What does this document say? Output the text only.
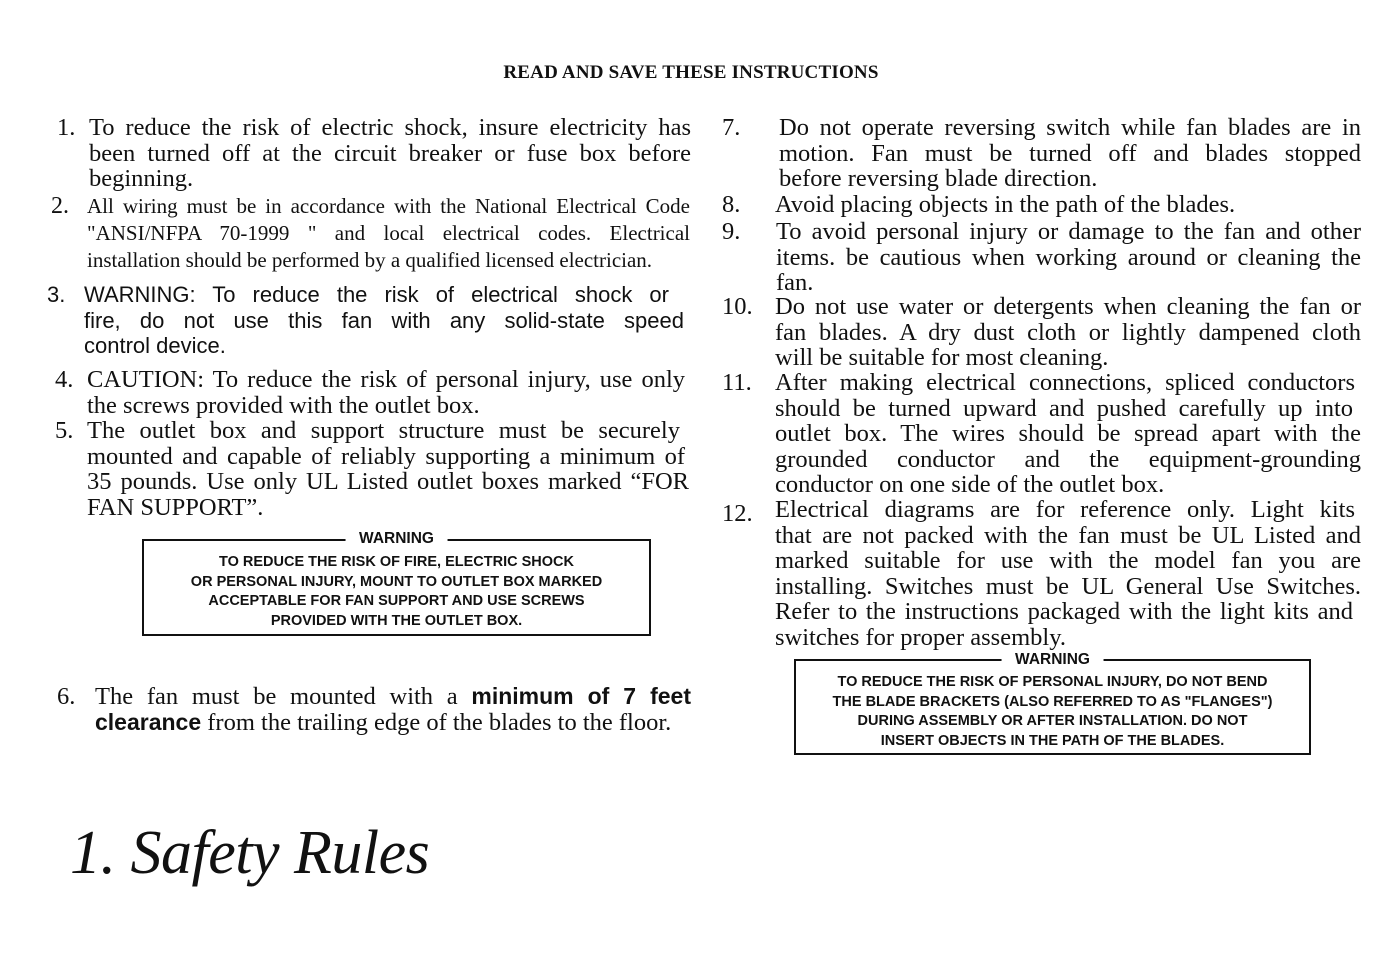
READ AND SAVE THESE INSTRUCTIONS
1. To reduce the risk of electric shock, insure electricity has
been turned off at the circuit breaker or fuse box before
beginning.
2. All wiring must be in accordance with the National Electrical Code
"ANSI/NFPA 70-1999 " and local electrical codes. Electrical
installation should be performed by a qualified licensed electrician.
3. WARNING: To reduce the risk of electrical shock or
fire, do not use this fan with any solid-state speed
control device.
4. CAUTION: To reduce the risk of personal injury, use only
the screws provided with the outlet box.
5. The outlet box and support structure must be securely
mounted and capable of reliably supporting a minimum of
35 pounds. Use only UL Listed outlet boxes marked “FOR
FAN SUPPORT”.
WARNING
TO REDUCE THE RISK OF FIRE, ELECTRIC SHOCK
OR PERSONAL INJURY, MOUNT TO OUTLET BOX MARKED
ACCEPTABLE FOR FAN SUPPORT AND USE SCREWS
PROVIDED WITH THE OUTLET BOX.
6. The fan must be mounted with a minimum of 7 feet
clearance from the trailing edge of the blades to the floor.
7. Do not operate reversing switch while fan blades are in
motion. Fan must be turned off and blades stopped
before reversing blade direction.
8. Avoid placing objects in the path of the blades.
9. To avoid personal injury or damage to the fan and other
items. be cautious when working around or cleaning the
fan.
10. Do not use water or detergents when cleaning the fan or
fan blades. A dry dust cloth or lightly dampened cloth
will be suitable for most cleaning.
11. After making electrical connections, spliced conductors
should be turned upward and pushed carefully up into
outlet box. The wires should be spread apart with the
grounded conductor and the equipment-grounding
conductor on one side of the outlet box.
12. Electrical diagrams are for reference only. Light kits
that are not packed with the fan must be UL Listed and
marked suitable for use with the model fan you are
installing. Switches must be UL General Use Switches.
Refer to the instructions packaged with the light kits and
switches for proper assembly.
WARNING
TO REDUCE THE RISK OF PERSONAL INJURY, DO NOT BEND
THE BLADE BRACKETS (ALSO REFERRED TO AS "FLANGES")
DURING ASSEMBLY OR AFTER INSTALLATION. DO NOT
INSERT OBJECTS IN THE PATH OF THE BLADES.
1. Safety Rules
